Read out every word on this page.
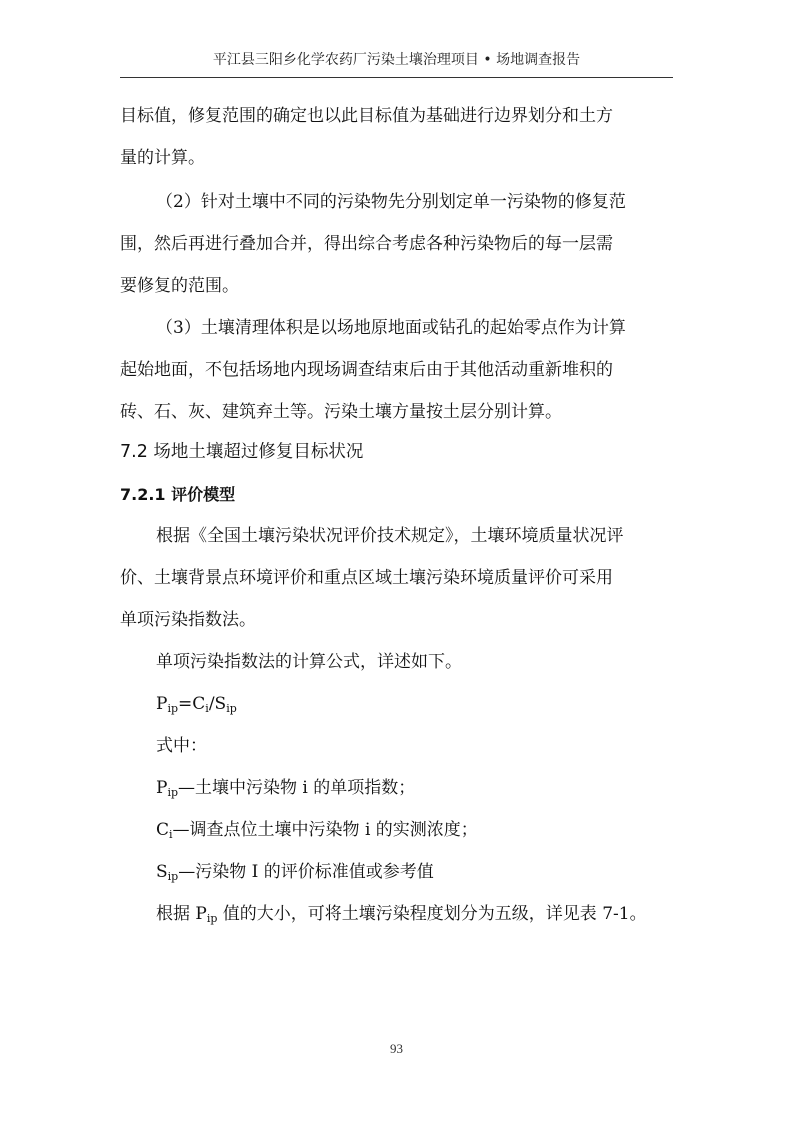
平江县三阳乡化学农药厂污染土壤治理项目 • 场地调查报告
目标值，修复范围的确定也以此目标值为基础进行边界划分和土方
量的计算。
（2）针对土壤中不同的污染物先分别划定单一污染物的修复范
围，然后再进行叠加合并，得出综合考虑各种污染物后的每一层需
要修复的范围。
（3）土壤清理体积是以场地原地面或钻孔的起始零点作为计算
起始地面，不包括场地内现场调查结束后由于其他活动重新堆积的
砖、石、灰、建筑弃土等。污染土壤方量按土层分别计算。
7.2 场地土壤超过修复目标状况
7.2.1 评价模型
根据《全国土壤污染状况评价技术规定》，土壤环境质量状况评
价、土壤背景点环境评价和重点区域土壤污染环境质量评价可采用
单项污染指数法。
单项污染指数法的计算公式，详述如下。
$P_{ip}=C_i/S_{ip}$
式中：
$P_{ip}—$土壤中污染物 i 的单项指数；
$C_i—$调查点位土壤中污染物 i 的实测浓度；
$S_{ip}—$污染物 I 的评价标准值或参考值
根据 $P_{ip}$ 值的大小，可将土壤污染程度划分为五级，详见表 7-1。
93
